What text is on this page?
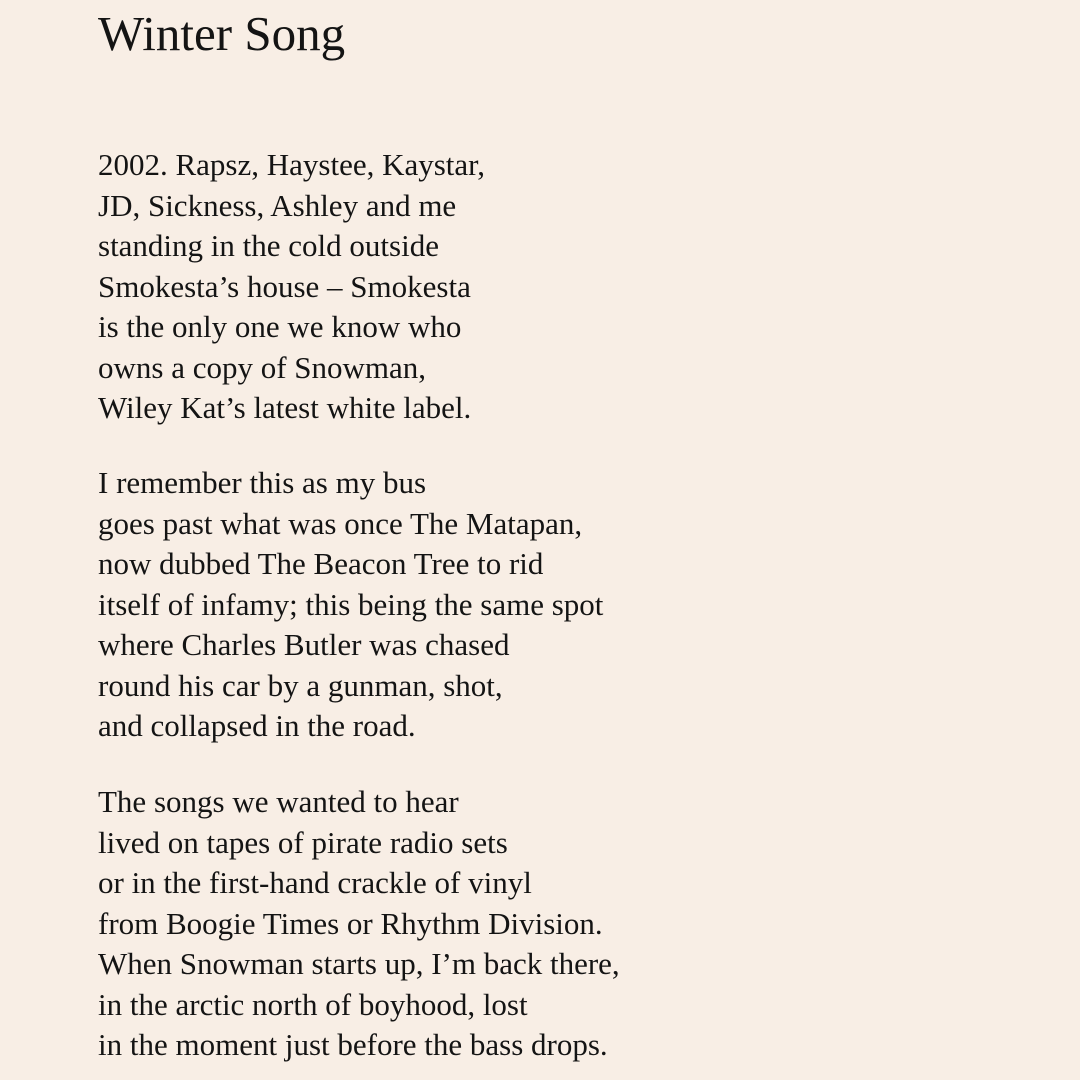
Winter Song
2002. Rapsz, Haystee, Kaystar,
JD, Sickness, Ashley and me
standing in the cold outside
Smokesta’s house – Smokesta
is the only one we know who
owns a copy of Snowman,
Wiley Kat’s latest white label.
I remember this as my bus
goes past what was once The Matapan,
now dubbed The Beacon Tree to rid
itself of infamy; this being the same spot
where Charles Butler was chased
round his car by a gunman, shot,
and collapsed in the road.
The songs we wanted to hear
lived on tapes of pirate radio sets
or in the first-hand crackle of vinyl
from Boogie Times or Rhythm Division.
When Snowman starts up, I’m back there,
in the arctic north of boyhood, lost
in the moment just before the bass drops.
